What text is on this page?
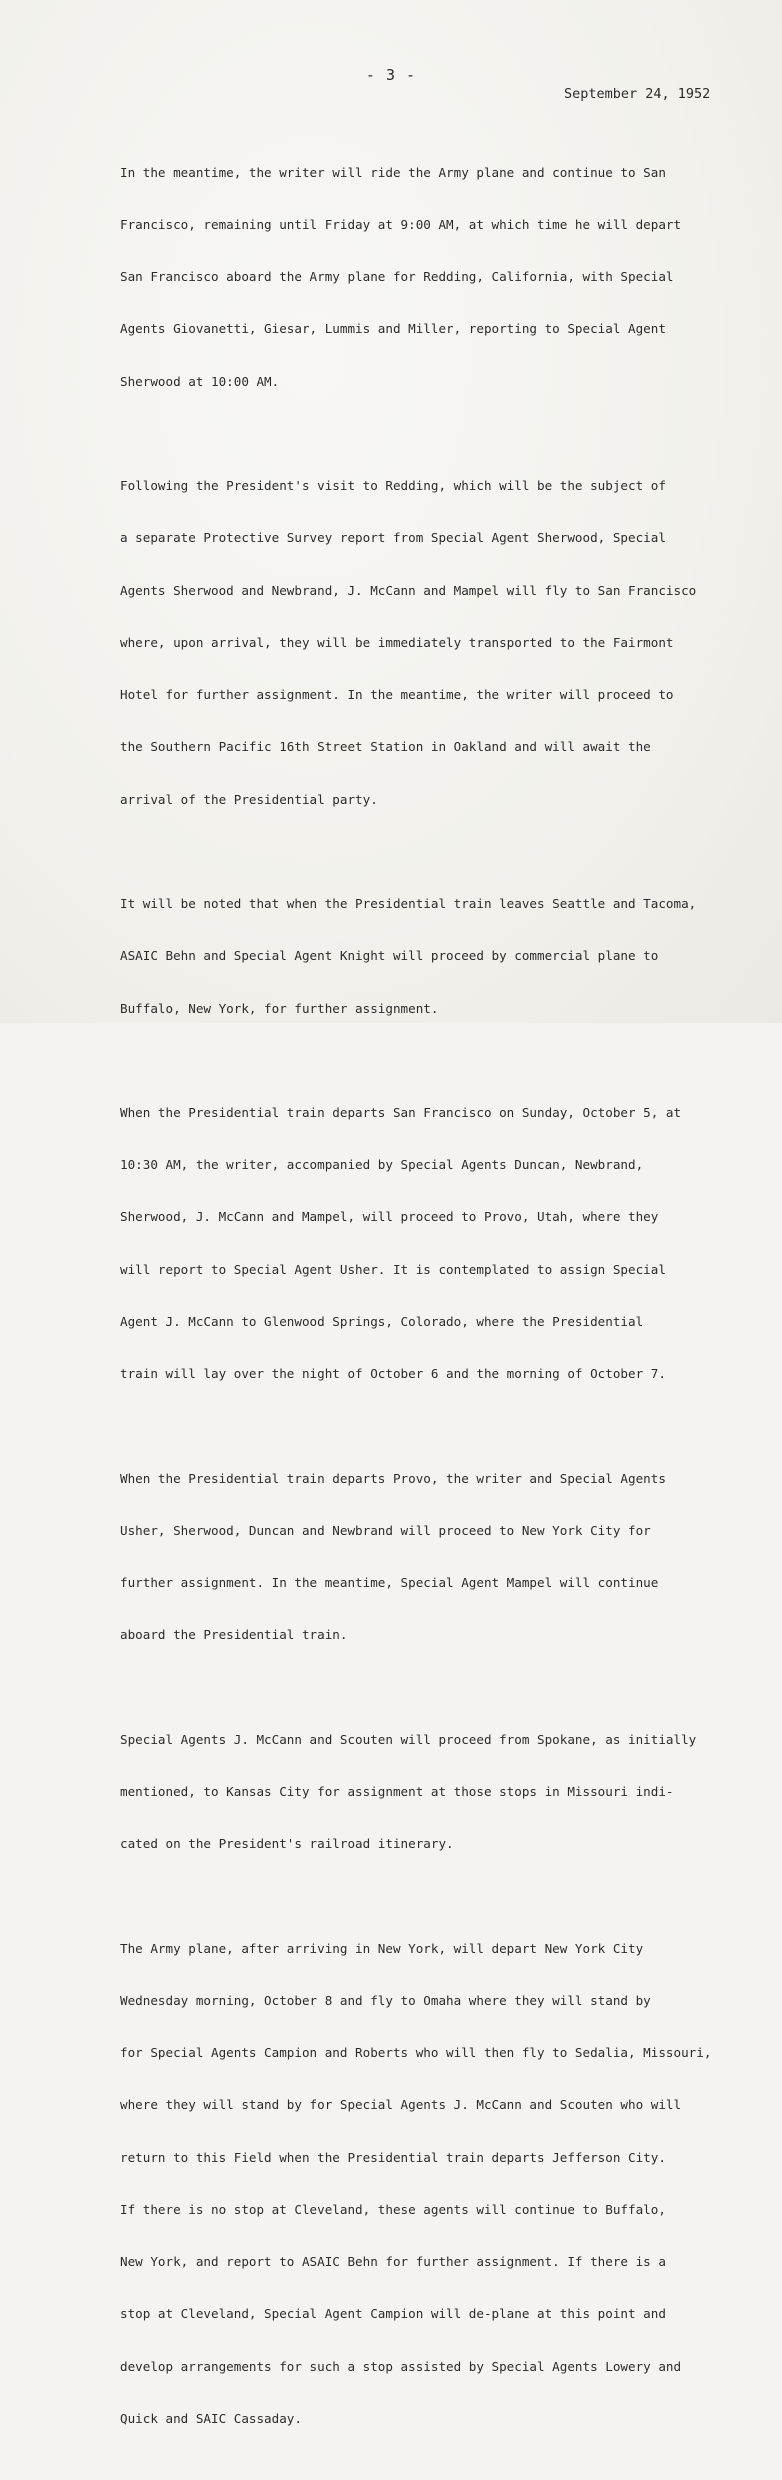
- 3 -
September 24, 1952

In the meantime, the writer will ride the Army plane and continue to San

Francisco, remaining until Friday at 9:00 AM, at which time he will depart

San Francisco aboard the Army plane for Redding, California, with Special

Agents Giovanetti, Giesar, Lummis and Miller, reporting to Special Agent

Sherwood at 10:00 AM.

Following the President's visit to Redding, which will be the subject of

a separate Protective Survey report from Special Agent Sherwood, Special

Agents Sherwood and Newbrand, J. McCann and Mampel will fly to San Francisco

where, upon arrival, they will be immediately transported to the Fairmont

Hotel for further assignment. In the meantime, the writer will proceed to

the Southern Pacific 16th Street Station in Oakland and will await the

arrival of the Presidential party.

It will be noted that when the Presidential train leaves Seattle and Tacoma,

ASAIC Behn and Special Agent Knight will proceed by commercial plane to

Buffalo, New York, for further assignment.

When the Presidential train departs San Francisco on Sunday, October 5, at

10:30 AM, the writer, accompanied by Special Agents Duncan, Newbrand,

Sherwood, J. McCann and Mampel, will proceed to Provo, Utah, where they

will report to Special Agent Usher. It is contemplated to assign Special

Agent J. McCann to Glenwood Springs, Colorado, where the Presidential

train will lay over the night of October 6 and the morning of October 7.

When the Presidential train departs Provo, the writer and Special Agents

Usher, Sherwood, Duncan and Newbrand will proceed to New York City for

further assignment. In the meantime, Special Agent Mampel will continue

aboard the Presidential train.

Special Agents J. McCann and Scouten will proceed from Spokane, as initially

mentioned, to Kansas City for assignment at those stops in Missouri indi-

cated on the President's railroad itinerary.

The Army plane, after arriving in New York, will depart New York City

Wednesday morning, October 8 and fly to Omaha where they will stand by

for Special Agents Campion and Roberts who will then fly to Sedalia, Missouri,

where they will stand by for Special Agents J. McCann and Scouten who will

return to this Field when the Presidential train departs Jefferson City.

If there is no stop at Cleveland, these agents will continue to Buffalo,

New York, and report to ASAIC Behn for further assignment. If there is a

stop at Cleveland, Special Agent Campion will de-plane at this point and

develop arrangements for such a stop assisted by Special Agents Lowery and

Quick and SAIC Cassaday.
